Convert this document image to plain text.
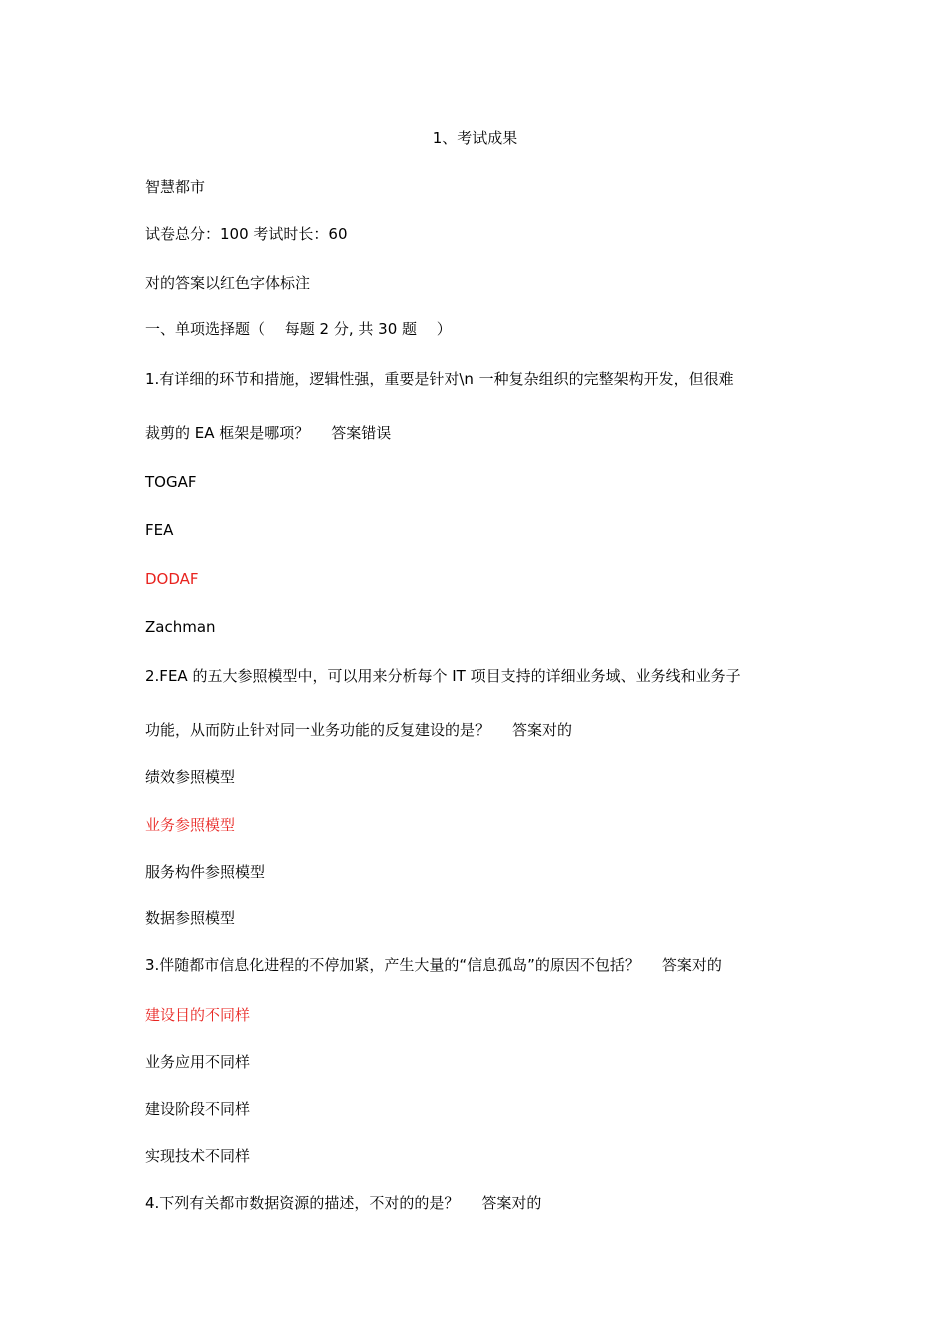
1、考试成果
智慧都市
试卷总分：100 考试时长：60
对的答案以红色字体标注
一、单项选择题（　 每题 2 分, 共 30 题　 ）
1.有详细的环节和措施，逻辑性强，重要是针对\n 一种复杂组织的完整架构开发，但很难
裁剪的 EA 框架是哪项？ 答案错误
TOGAF
FEA
DODAF
Zachman
2.FEA 的五大参照模型中，可以用来分析每个 IT 项目支持的详细业务域、业务线和业务子
功能，从而防止针对同一业务功能的反复建设的是？ 答案对的
绩效参照模型
业务参照模型
服务构件参照模型
数据参照模型
3.伴随都市信息化进程的不停加紧，产生大量的“信息孤岛”的原因不包括？ 答案对的
建设目的不同样
业务应用不同样
建设阶段不同样
实现技术不同样
4.下列有关都市数据资源的描述，不对的的是？ 答案对的
